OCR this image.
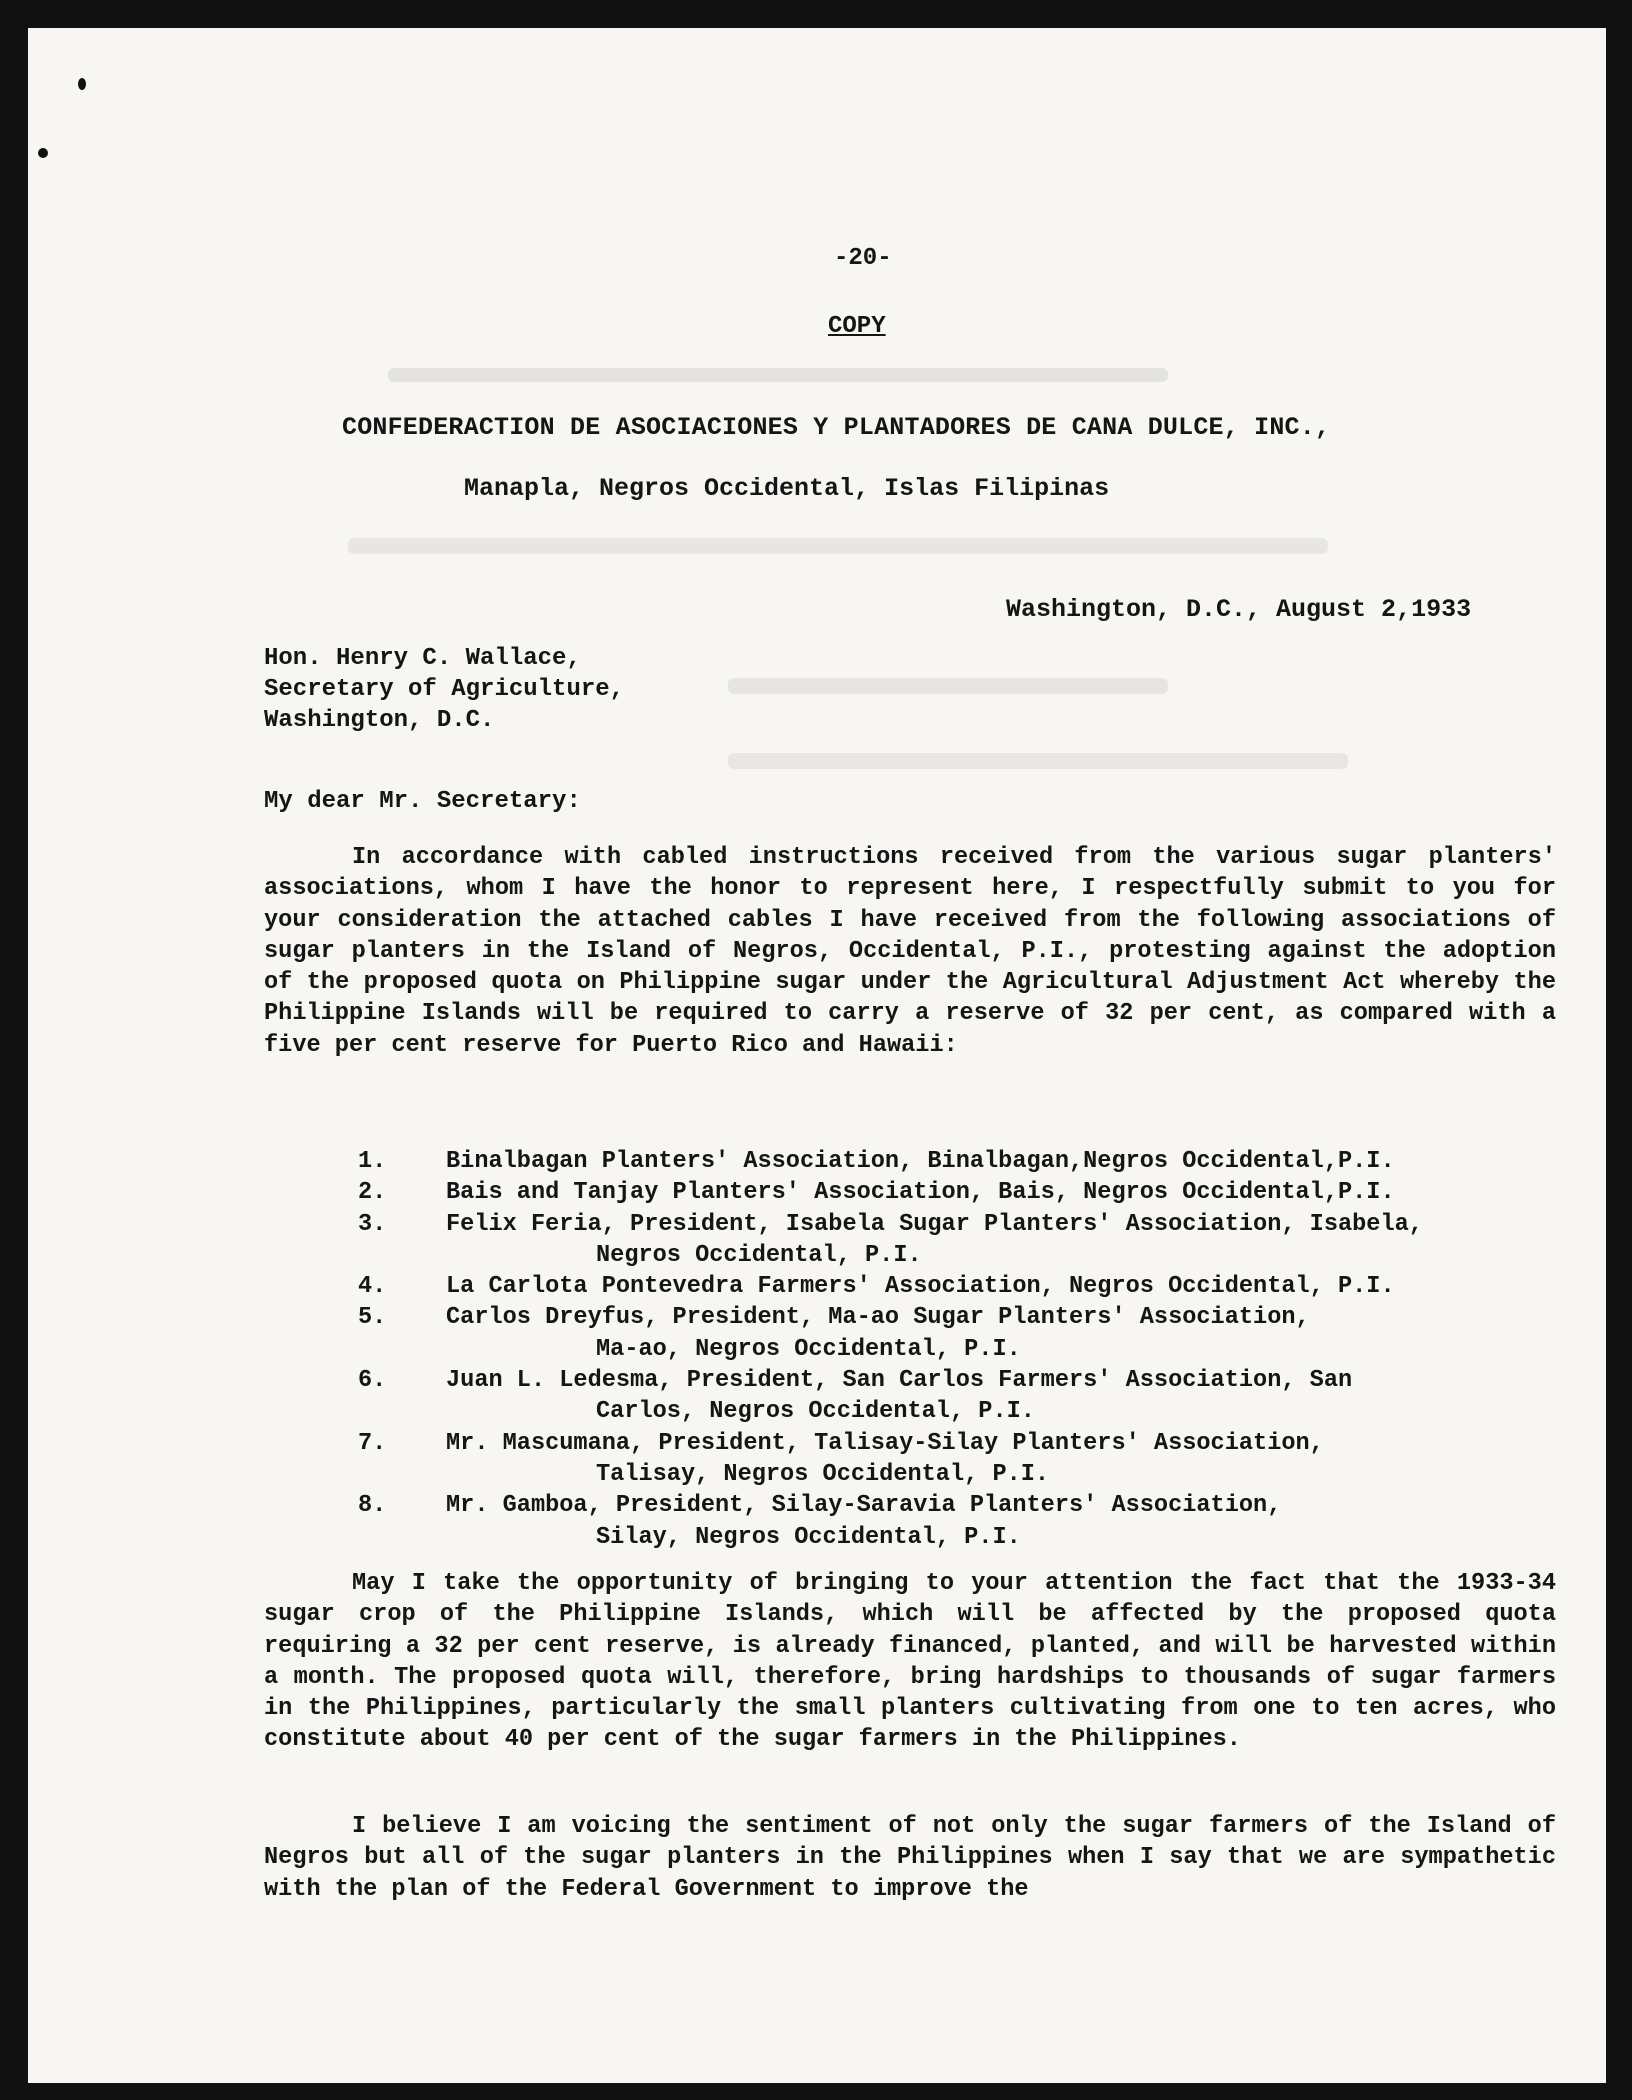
-20-
COPY
CONFEDERACTION DE ASOCIACIONES Y PLANTADORES DE CANA DULCE, INC.,
Manapla, Negros Occidental, Islas Filipinas
Washington, D.C., August 2,1933
Hon. Henry C. Wallace,
Secretary of Agriculture,
Washington, D.C.
My dear Mr. Secretary:

In accordance with cabled instructions received from the various sugar planters' associations, whom I have the honor to represent here, I respectfully submit to you for your consideration the attached cables I have received from the following associations of sugar planters in the Island of Negros, Occidental, P.I., protesting against the adoption of the proposed quota on Philippine sugar under the Agricultural Adjustment Act whereby the Philippine Islands will be required to carry a reserve of 32 per cent, as compared with a five per cent reserve for Puerto Rico and Hawaii:

1.	Binalbagan Planters' Association, Binalbagan,Negros Occidental,P.I.
2.	Bais and Tanjay Planters' Association, Bais, Negros Occidental,P.I.
3.	Felix Feria, President, Isabela Sugar Planters' Association, Isabela,
Negros Occidental, P.I.
4.	La Carlota Pontevedra Farmers' Association, Negros Occidental, P.I.
5.	Carlos Dreyfus, President, Ma-ao Sugar Planters' Association,
Ma-ao, Negros Occidental, P.I.
6.	Juan L. Ledesma, President, San Carlos Farmers' Association, San
Carlos, Negros Occidental, P.I.
7.	Mr. Mascumana, President, Talisay-Silay Planters' Association,
Talisay, Negros Occidental, P.I.
8.	Mr. Gamboa, President, Silay-Saravia Planters' Association,
Silay, Negros Occidental, P.I.

May I take the opportunity of bringing to your attention the fact that the 1933-34 sugar crop of the Philippine Islands, which will be affected by the proposed quota requiring a 32 per cent reserve, is already financed, planted, and will be harvested within a month. The proposed quota will, therefore, bring hardships to thousands of sugar farmers in the Philippines, particularly the small planters cultivating from one to ten acres, who constitute about 40 per cent of the sugar farmers in the Philippines.

I believe I am voicing the sentiment of not only the sugar farmers of the Island of Negros but all of the sugar planters in the Philippines when I say that we are sympathetic with the plan of the Federal Government to improve the
